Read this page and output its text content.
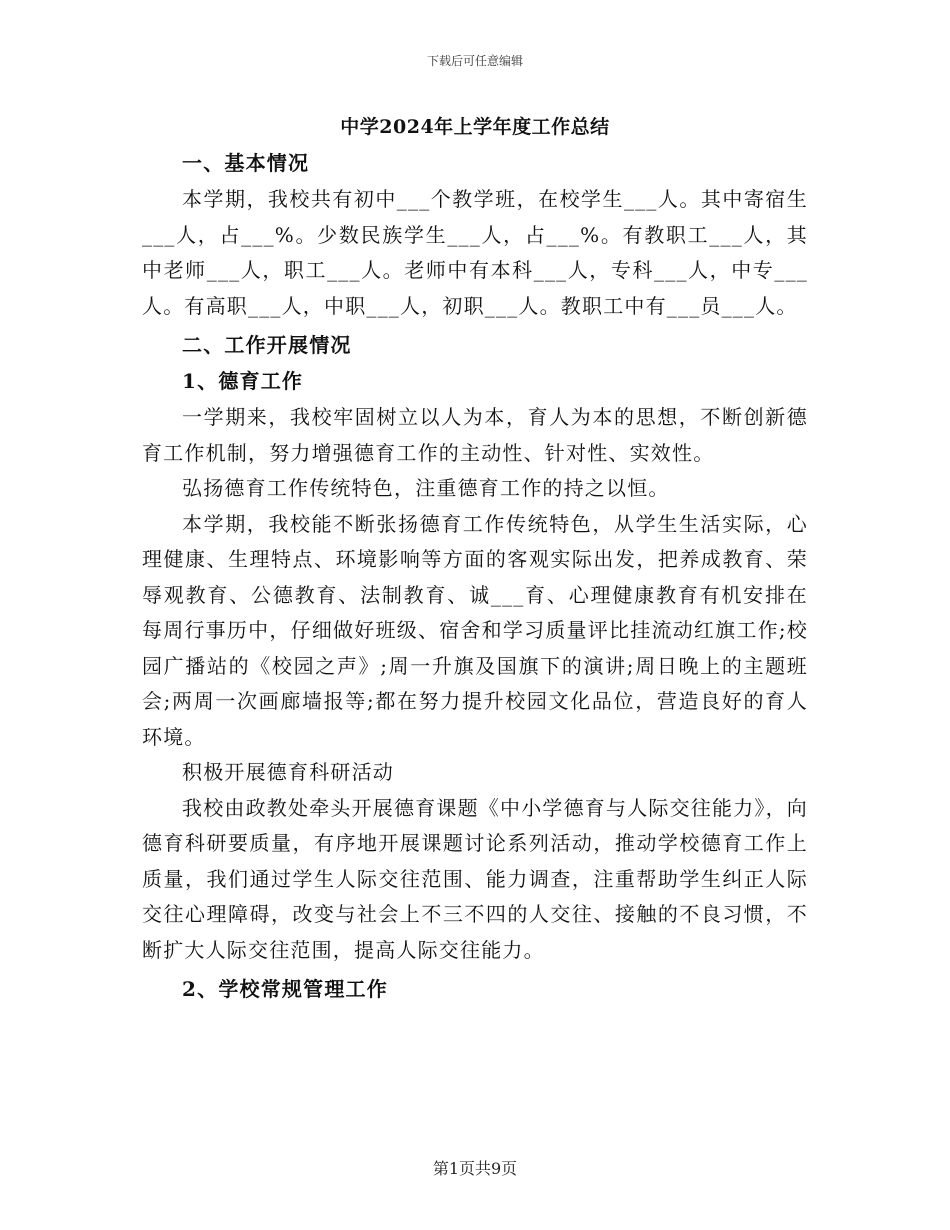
下载后可任意编辑
中学2024年上学年度工作总结

一、基本情况

本学期，我校共有初中___个教学班，在校学生___人。其中寄宿生___人，占___%。少数民族学生___人，占___%。有教职工___人，其中老师___人，职工___人。老师中有本科___人，专科___人，中专___人。有高职___人，中职___人，初职___人。教职工中有___员___人。

二、工作开展情况

1、德育工作

一学期来，我校牢固树立以人为本，育人为本的思想，不断创新德育工作机制，努力增强德育工作的主动性、针对性、实效性。

弘扬德育工作传统特色，注重德育工作的持之以恒。

本学期，我校能不断张扬德育工作传统特色，从学生生活实际，心理健康、生理特点、环境影响等方面的客观实际出发，把养成教育、荣辱观教育、公德教育、法制教育、诚___育、心理健康教育有机安排在每周行事历中，仔细做好班级、宿舍和学习质量评比挂流动红旗工作;校园广播站的《校园之声》;周一升旗及国旗下的演讲;周日晚上的主题班会;两周一次画廊墙报等;都在努力提升校园文化品位，营造良好的育人环境。

积极开展德育科研活动

我校由政教处牵头开展德育课题《中小学德育与人际交往能力》，向德育科研要质量，有序地开展课题讨论系列活动，推动学校德育工作上质量，我们通过学生人际交往范围、能力调查，注重帮助学生纠正人际交往心理障碍，改变与社会上不三不四的人交往、接触的不良习惯，不断扩大人际交往范围，提高人际交往能力。

2、学校常规管理工作

第1页共9页
